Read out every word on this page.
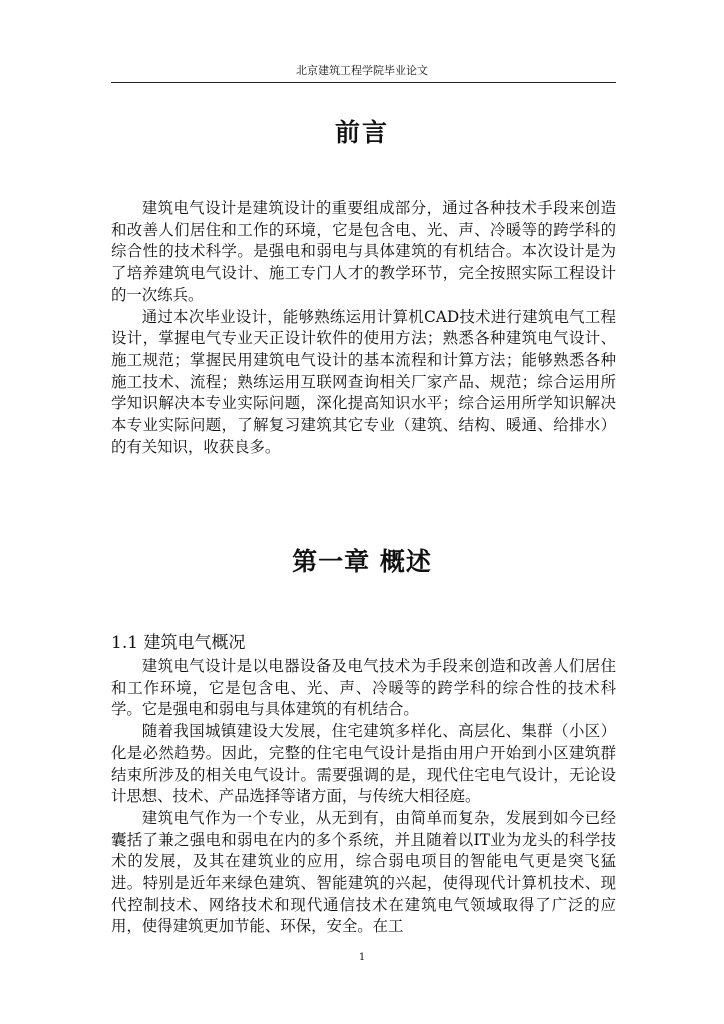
北京建筑工程学院毕业论文
前言

建筑电气设计是建筑设计的重要组成部分，通过各种技术手段来创造和改善人们居住和工作的环境，它是包含电、光、声、冷暖等的跨学科的综合性的技术科学。是强电和弱电与具体建筑的有机结合。本次设计是为了培养建筑电气设计、施工专门人才的教学环节，完全按照实际工程设计的一次练兵。

通过本次毕业设计，能够熟练运用计算机CAD技术进行建筑电气工程设计，掌握电气专业天正设计软件的使用方法；熟悉各种建筑电气设计、施工规范；掌握民用建筑电气设计的基本流程和计算方法；能够熟悉各种施工技术、流程；熟练运用互联网查询相关厂家产品、规范；综合运用所学知识解决本专业实际问题，深化提高知识水平；综合运用所学知识解决本专业实际问题，了解复习建筑其它专业（建筑、结构、暖通、给排水）的有关知识，收获良多。

第一章 概述
1.1 建筑电气概况

建筑电气设计是以电器设备及电气技术为手段来创造和改善人们居住和工作环境，它是包含电、光、声、冷暖等的跨学科的综合性的技术科学。它是强电和弱电与具体建筑的有机结合。

随着我国城镇建设大发展，住宅建筑多样化、高层化、集群（小区）化是必然趋势。因此，完整的住宅电气设计是指由用户开始到小区建筑群结束所涉及的相关电气设计。需要强调的是，现代住宅电气设计，无论设计思想、技术、产品选择等诸方面，与传统大相径庭。

建筑电气作为一个专业，从无到有，由简单而复杂，发展到如今已经囊括了兼之强电和弱电在内的多个系统，并且随着以IT业为龙头的科学技术的发展，及其在建筑业的应用，综合弱电项目的智能电气更是突飞猛进。特别是近年来绿色建筑、智能建筑的兴起，使得现代计算机技术、现代控制技术、网络技术和现代通信技术在建筑电气领域取得了广泛的应用，使得建筑更加节能、环保，安全。在工

1
